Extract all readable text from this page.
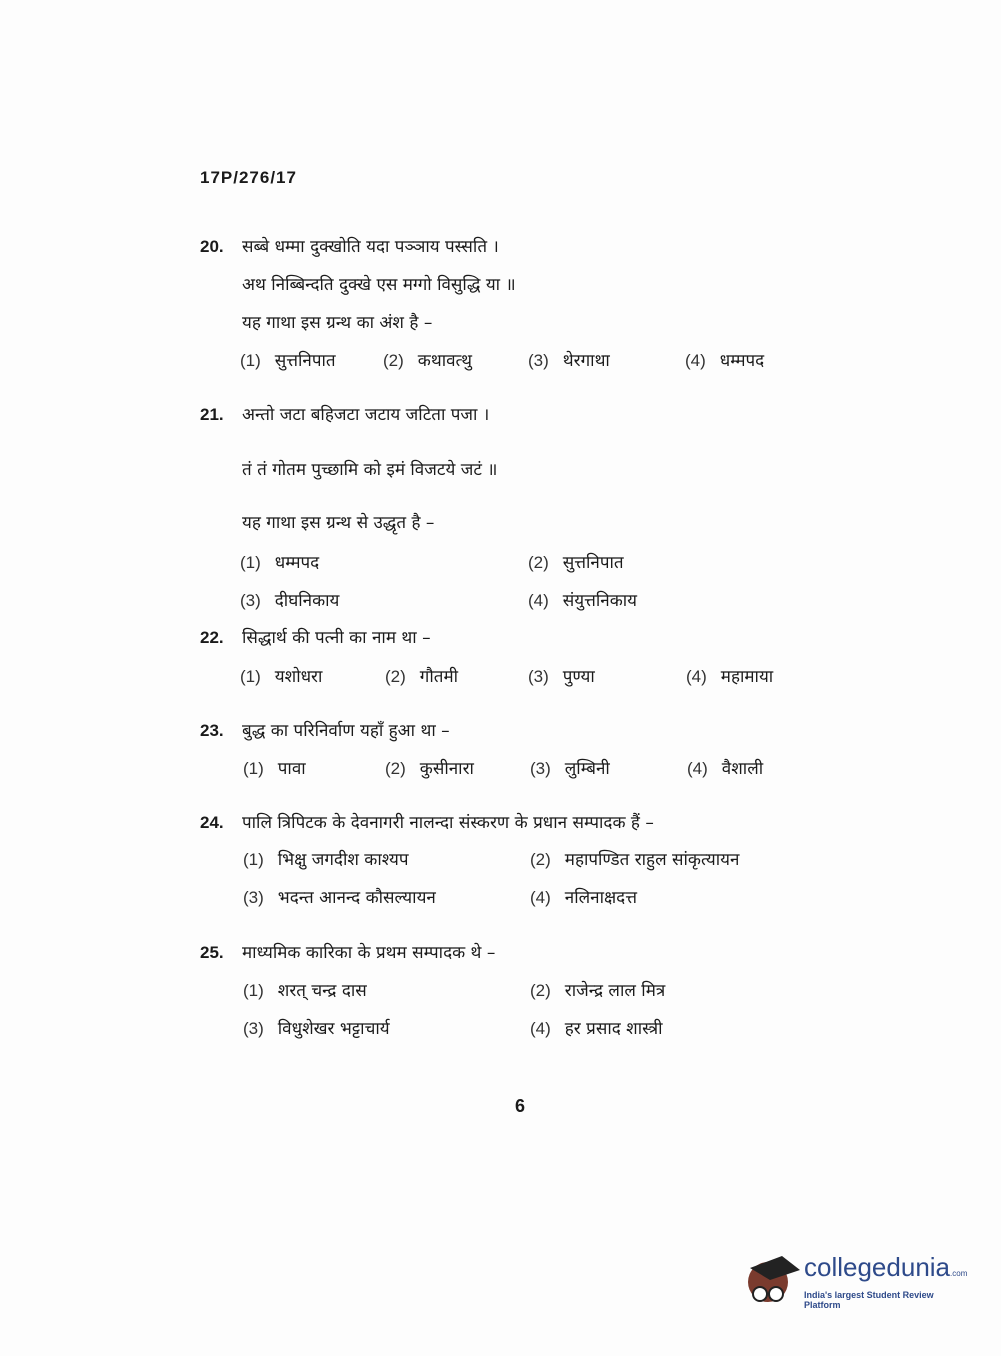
17P/276/17
20. सब्बे धम्मा दुक्खोति यदा पञ्ञाय पस्सति ।
अथ निब्बिन्दति दुक्खे एस मग्गो विसुद्धि या ॥
यह गाथा इस ग्रन्थ का अंश है –
(1) सुत्तनिपात	(2) कथावत्थु	(3) थेरगाथा	(4) धम्मपद
21. अन्तो जटा बहिजटा जटाय जटिता पजा ।
तं तं गोतम पुच्छामि को इमं विजटये जटं ॥
यह गाथा इस ग्रन्थ से उद्धृत है –
(1) धम्मपद	(2) सुत्तनिपात
(3) दीघनिकाय	(4) संयुत्तनिकाय
22. सिद्धार्थ की पत्नी का नाम था –
(1) यशोधरा	(2) गौतमी	(3) पुण्या	(4) महामाया
23. बुद्ध का परिनिर्वाण यहाँ हुआ था –
(1) पावा	(2) कुसीनारा	(3) लुम्बिनी	(4) वैशाली
24. पालि त्रिपिटक के देवनागरी नालन्दा संस्करण के प्रधान सम्पादक हैं –
(1) भिक्षु जगदीश काश्यप	(2) महापण्डित राहुल सांकृत्यायन
(3) भदन्त आनन्द कौसल्यायन	(4) नलिनाक्षदत्त
25. माध्यमिक कारिका के प्रथम सम्पादक थे –
(1) शरत् चन्द्र दास	(2) राजेन्द्र लाल मित्र
(3) विधुशेखर भट्टाचार्य	(4) हर प्रसाद शास्त्री
6
collegedunia.com
India's largest Student Review Platform
